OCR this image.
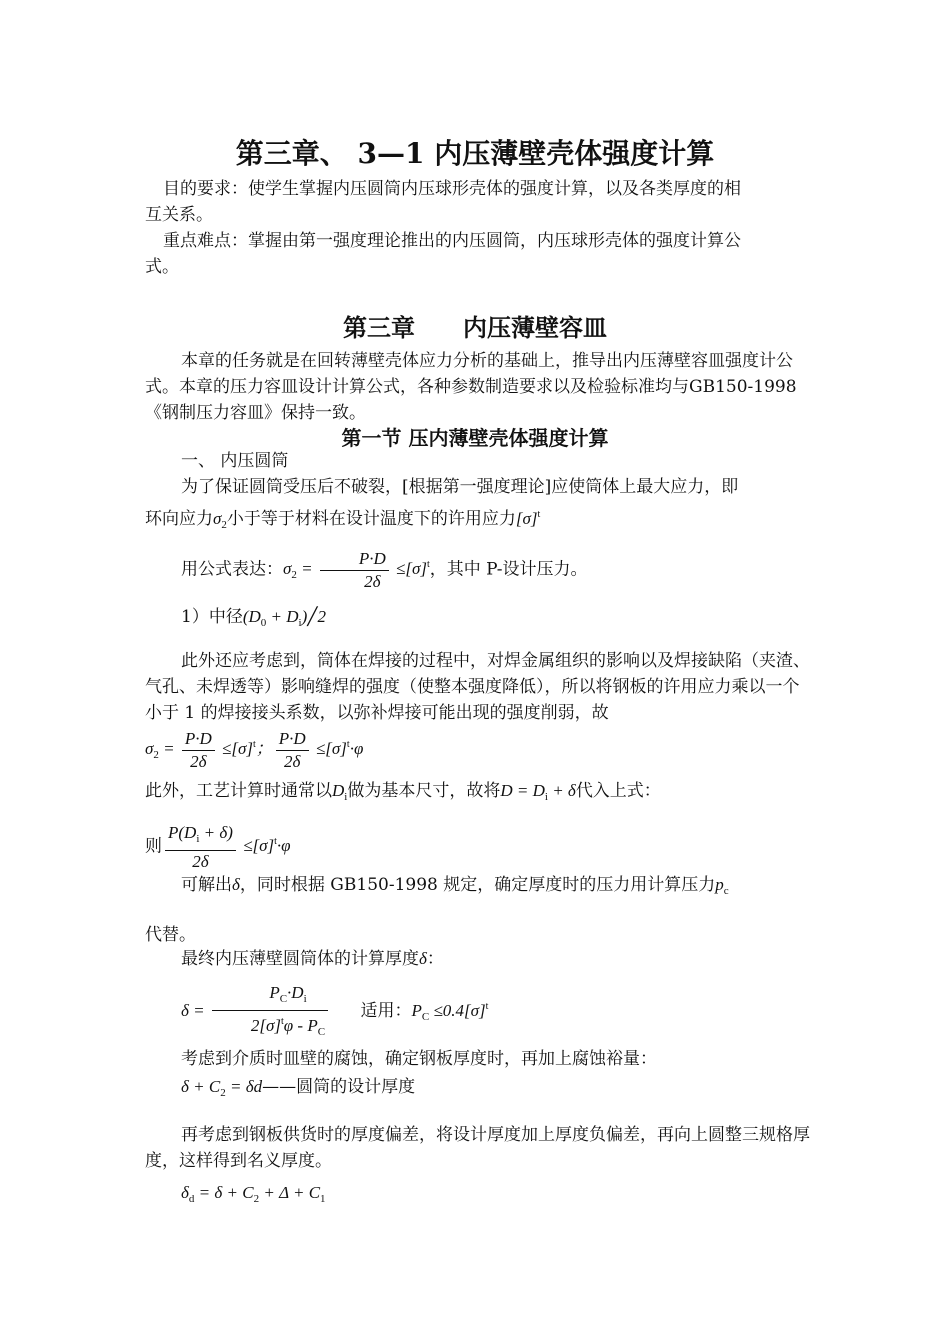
第三章、 3—1 内压薄壁壳体强度计算
目的要求：使学生掌握内压圆筒内压球形壳体的强度计算，以及各类厚度的相
互关系。
重点难点：掌握由第一强度理论推出的内压圆筒，内压球形壳体的强度计算公
式。
第三章　　内压薄壁容皿
本章的任务就是在回转薄壁壳体应力分析的基础上，推导出内压薄壁容皿强度计公式。本章的压力容皿设计计算公式，各种参数制造要求以及检验标准均与GB150-1998《钢制压力容皿》保持一致。
第一节 压内薄壁壳体强度计算
一、 内压圆筒
为了保证圆筒受压后不破裂，[根据第一强度理论]应使筒体上最大应力，即
环向应力$\sigma_2$小于等于材料在设计温度下的许用应力$[\sigma]^t$
用公式表达：$\sigma_2 = \frac{P\cdot D}{2\delta} \le[\sigma]^t$，其中 P-设计压力。
1）中径($D_0$ + $D_i)╱2$
此外还应考虑到，筒体在焊接的过程中，对焊金属组织的影响以及焊接缺陷（夹渣、气孔、未焊透等）影响缝焊的强度（使整本强度降低），所以将钢板的许用应力乘以一个小于 1 的焊接接头系数，以弥补焊接可能出现的强度削弱，故
$\sigma_2 = \frac{P\cdot D}{2\delta} \le[\sigma]^t$； $\frac{P\cdot D}{2\delta} \le[\sigma]^t\cdot\varphi$
此外，工艺计算时通常以$D_i$做为基本尺寸，故将$D = D_i + \delta$代入上式：
则 $\frac{P(D_i + \delta)}{2\delta} \le[\sigma]^t\cdot\varphi$
可解出δ，同时根据 GB150-1998 规定，确定厚度时的压力用计算压力$p_c$
代替。
最终内压薄壁圆筒体的计算厚度δ：
$\delta = \frac{P_C\cdot D_i}{2[\sigma]^t\varphi - P_C}$ 适用：$P_C \le 0.4[\sigma]^t$
考虑到介质时皿壁的腐蚀，确定钢板厚度时，再加上腐蚀裕量：
$\delta + C_2$ = δd——圆筒的设计厚度
再考虑到钢板供货时的厚度偏差，将设计厚度加上厚度负偏差，再向上圆整三规格厚度，这样得到名义厚度。
$\delta_d = \delta + C_2 + \Delta + C_1$
